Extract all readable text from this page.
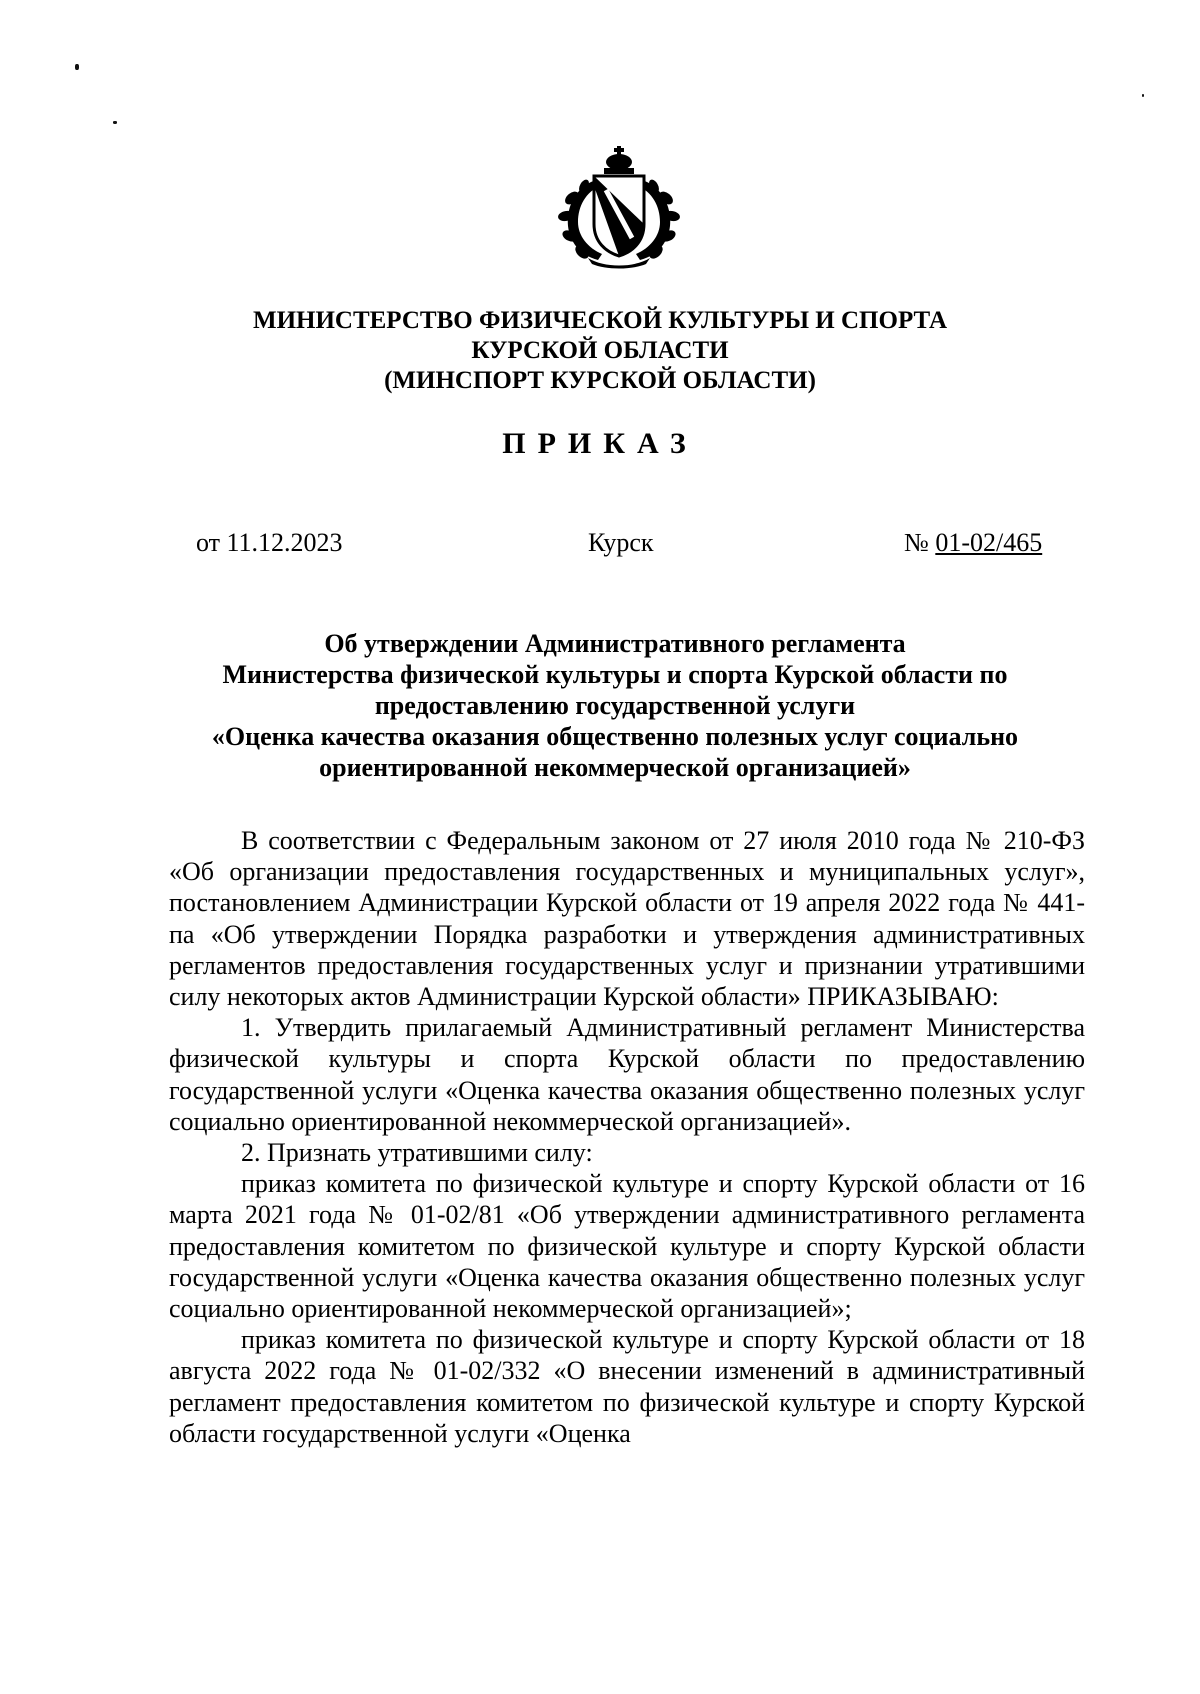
МИНИСТЕРСТВО ФИЗИЧЕСКОЙ КУЛЬТУРЫ И СПОРТА
КУРСКОЙ ОБЛАСТИ
(МИНСПОРТ КУРСКОЙ ОБЛАСТИ)
ПРИКАЗ
от 11.12.2023	Курск	№ 01-02/465
Об утверждении Административного регламента
Министерства физической культуры и спорта Курской области по
предоставлению государственной услуги
«Оценка качества оказания общественно полезных услуг социально
ориентированной некоммерческой организацией»

В соответствии с Федеральным законом от 27 июля 2010 года № 210-ФЗ «Об организации предоставления государственных и муниципальных услуг», постановлением Администрации Курской области от 19 апреля 2022 года № 441-па «Об утверждении Порядка разработки и утверждения административных регламентов предоставления государственных услуг и признании утратившими силу некоторых актов Администрации Курской области» ПРИКАЗЫВАЮ:

1. Утвердить прилагаемый Административный регламент Министерства физической культуры и спорта Курской области по предоставлению государственной услуги «Оценка качества оказания общественно полезных услуг социально ориентированной некоммерческой организацией».

2. Признать утратившими силу:

приказ комитета по физической культуре и спорту Курской области от 16 марта 2021 года № 01-02/81 «Об утверждении административного регламента предоставления комитетом по физической культуре и спорту Курской области государственной услуги «Оценка качества оказания общественно полезных услуг социально ориентированной некоммерческой организацией»;

приказ комитета по физической культуре и спорту Курской области от 18 августа 2022 года № 01-02/332 «О внесении изменений в административный регламент предоставления комитетом по физической культуре и спорту Курской области государственной услуги «Оценка
